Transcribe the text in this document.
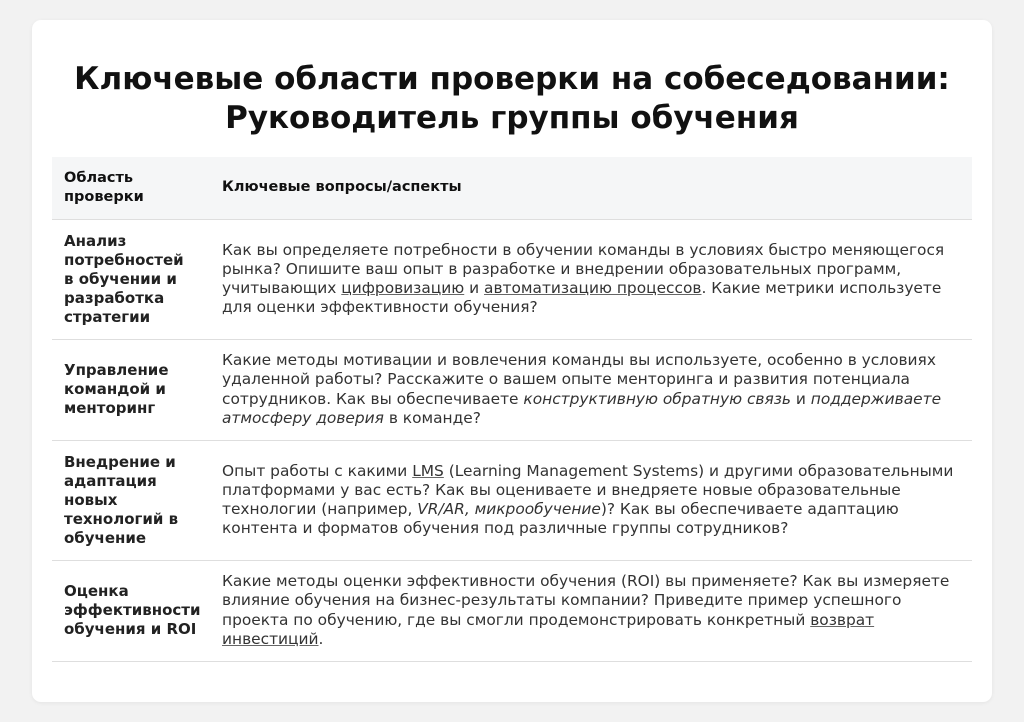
Ключевые области проверки на собеседовании:
Руководитель группы обучения
Область проверки	Ключевые вопросы/аспекты
Анализ потребностей в обучении и разработка стратегии	Как вы определяете потребности в обучении команды в условиях быстро меняющегося рынка? Опишите ваш опыт в разработке и внедрении образовательных программ, учитывающих цифровизацию и автоматизацию процессов. Какие метрики используете для оценки эффективности обучения?
Управление командой и менторинг	Какие методы мотивации и вовлечения команды вы используете, особенно в условиях удаленной работы? Расскажите о вашем опыте менторинга и развития потенциала сотрудников. Как вы обеспечиваете конструктивную обратную связь и поддерживаете атмосферу доверия в команде?
Внедрение и адаптация новых технологий в обучение	Опыт работы с какими LMS (Learning Management Systems) и другими образовательными платформами у вас есть? Как вы оцениваете и внедряете новые образовательные технологии (например, VR/AR, микрообучение)? Как вы обеспечиваете адаптацию контента и форматов обучения под различные группы сотрудников?
Оценка эффективности обучения и ROI	Какие методы оценки эффективности обучения (ROI) вы применяете? Как вы измеряете влияние обучения на бизнес-результаты компании? Приведите пример успешного проекта по обучению, где вы смогли продемонстрировать конкретный возврат инвестиций.
